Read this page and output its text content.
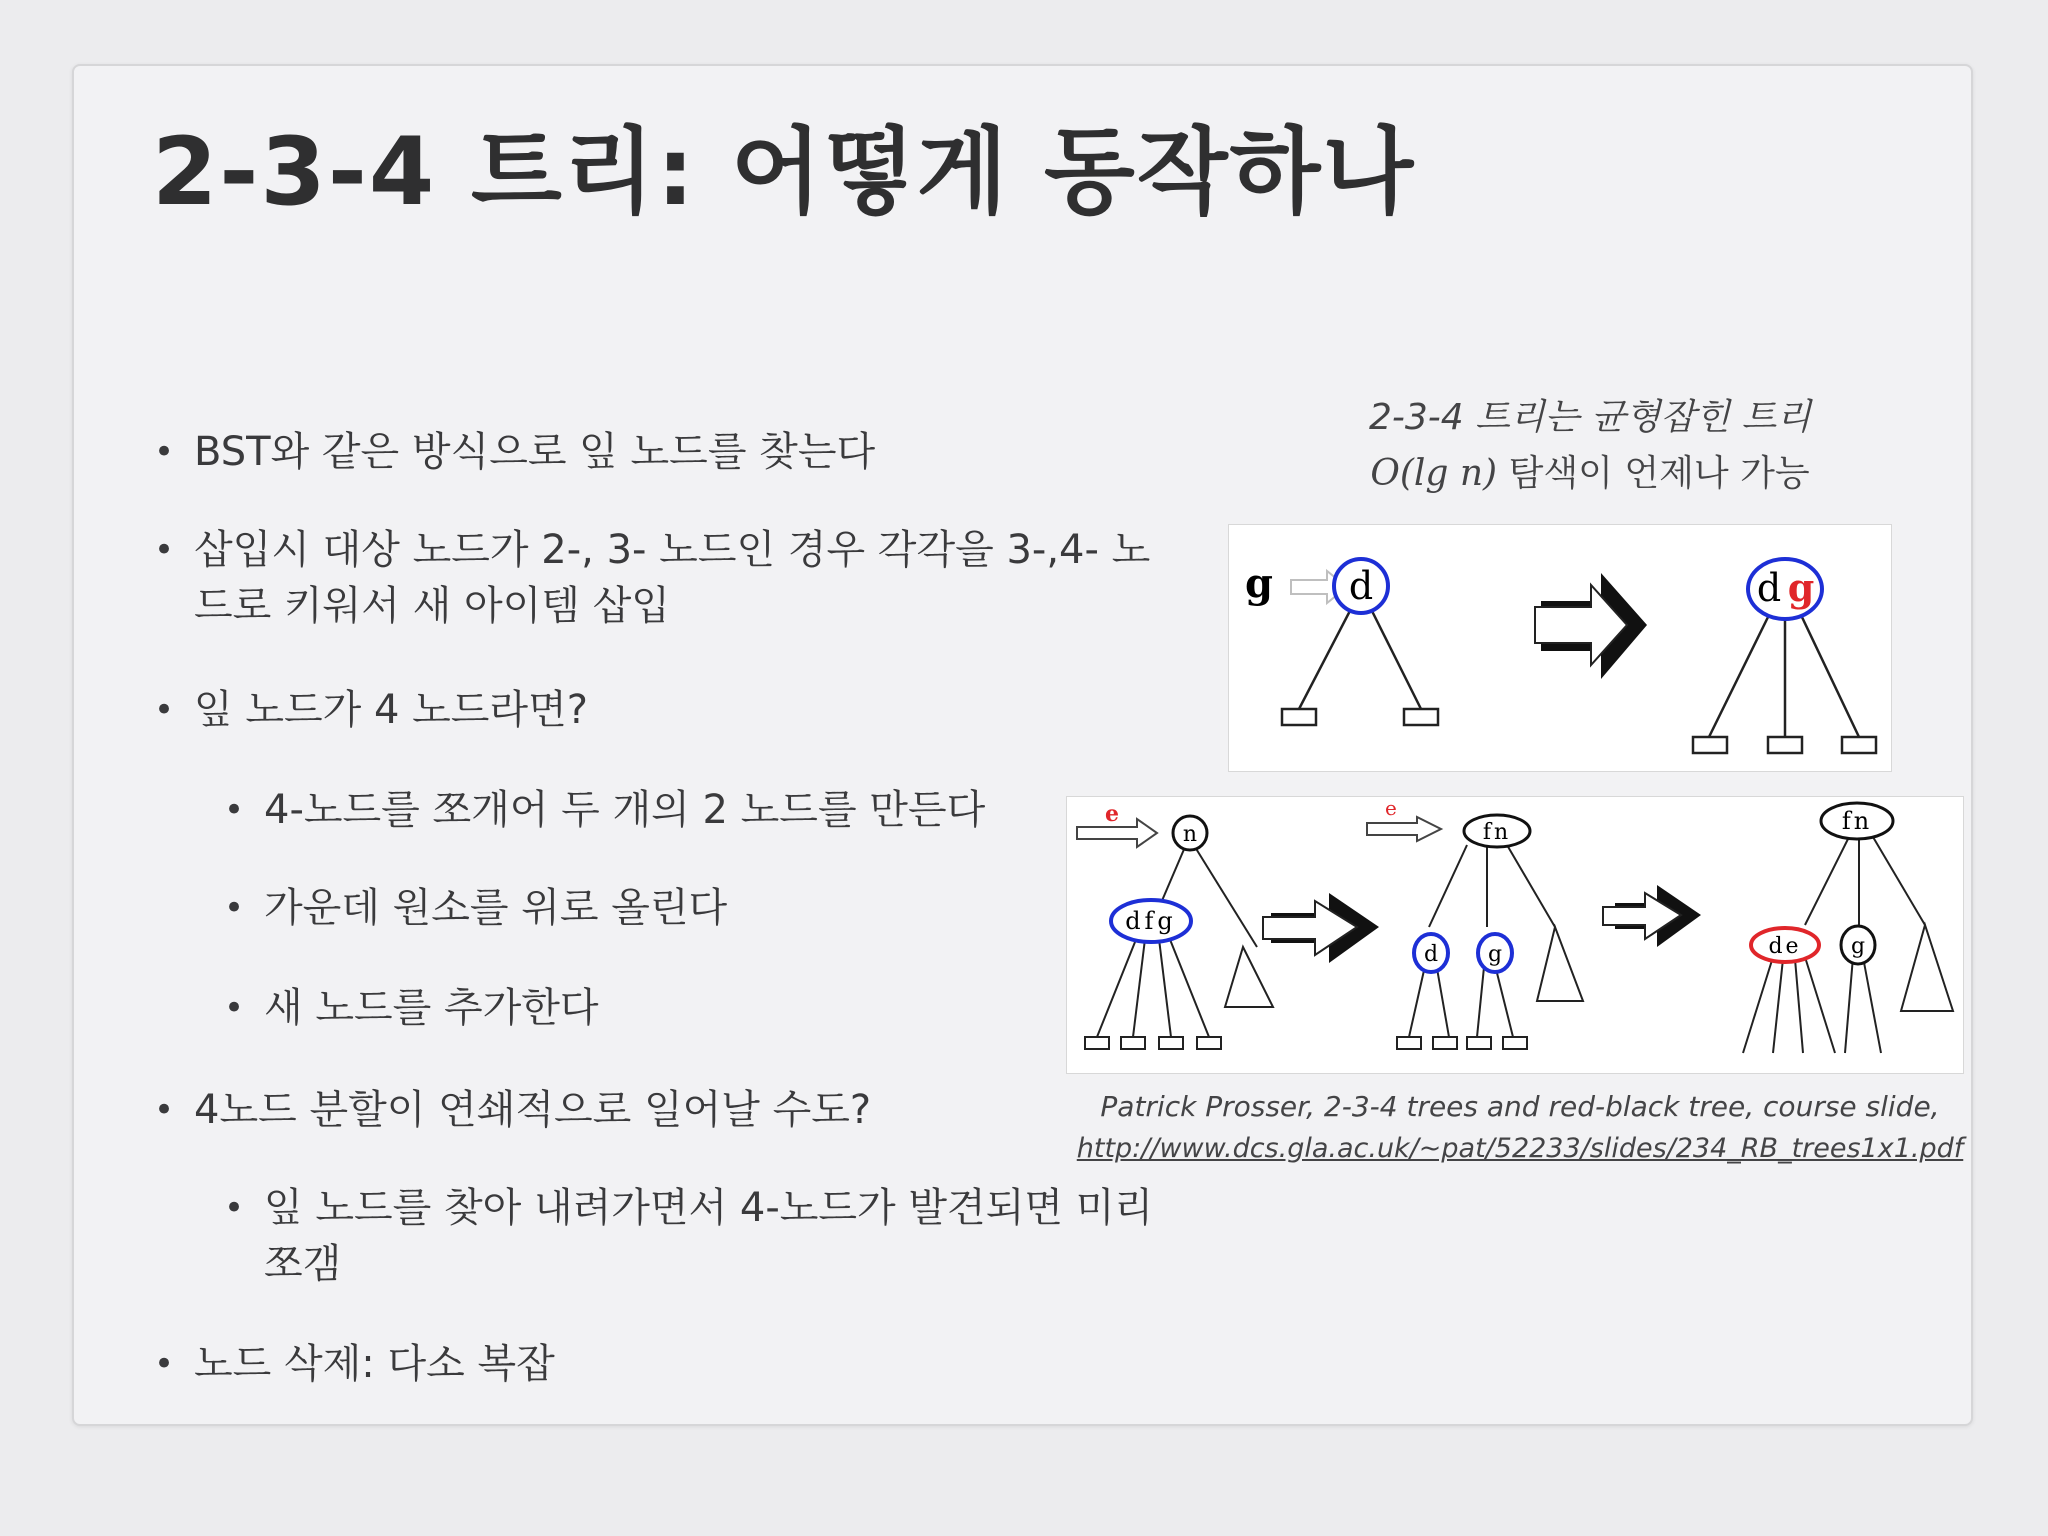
2-3-4 트리: 어떻게 동작하나
• BST와 같은 방식으로 잎 노드를 찾는다
• 삽입시 대상 노드가 2-, 3- 노드인 경우 각각을 3-,4- 노드로 키워서 새 아이템 삽입
• 잎 노드가 4 노드라면?
• 4-노드를 쪼개어 두 개의 2 노드를 만든다
• 가운데 원소를 위로 올린다
• 새 노드를 추가한다
• 4노드 분할이 연쇄적으로 일어날 수도?
• 잎 노드를 찾아 내려가면서 4-노드가 발견되면 미리 쪼갬
• 노드 삭제: 다소 복잡
2-3-4 트리는 균형잡힌 트리
O(lg n) 탐색이 언제나 가능
g d	d g
e
n
dfg
e
fn
d g
fn
de g
Patrick Prosser, 2-3-4 trees and red-black tree, course slide,
http://www.dcs.gla.ac.uk/~pat/52233/slides/234_RB_trees1x1.pdf
